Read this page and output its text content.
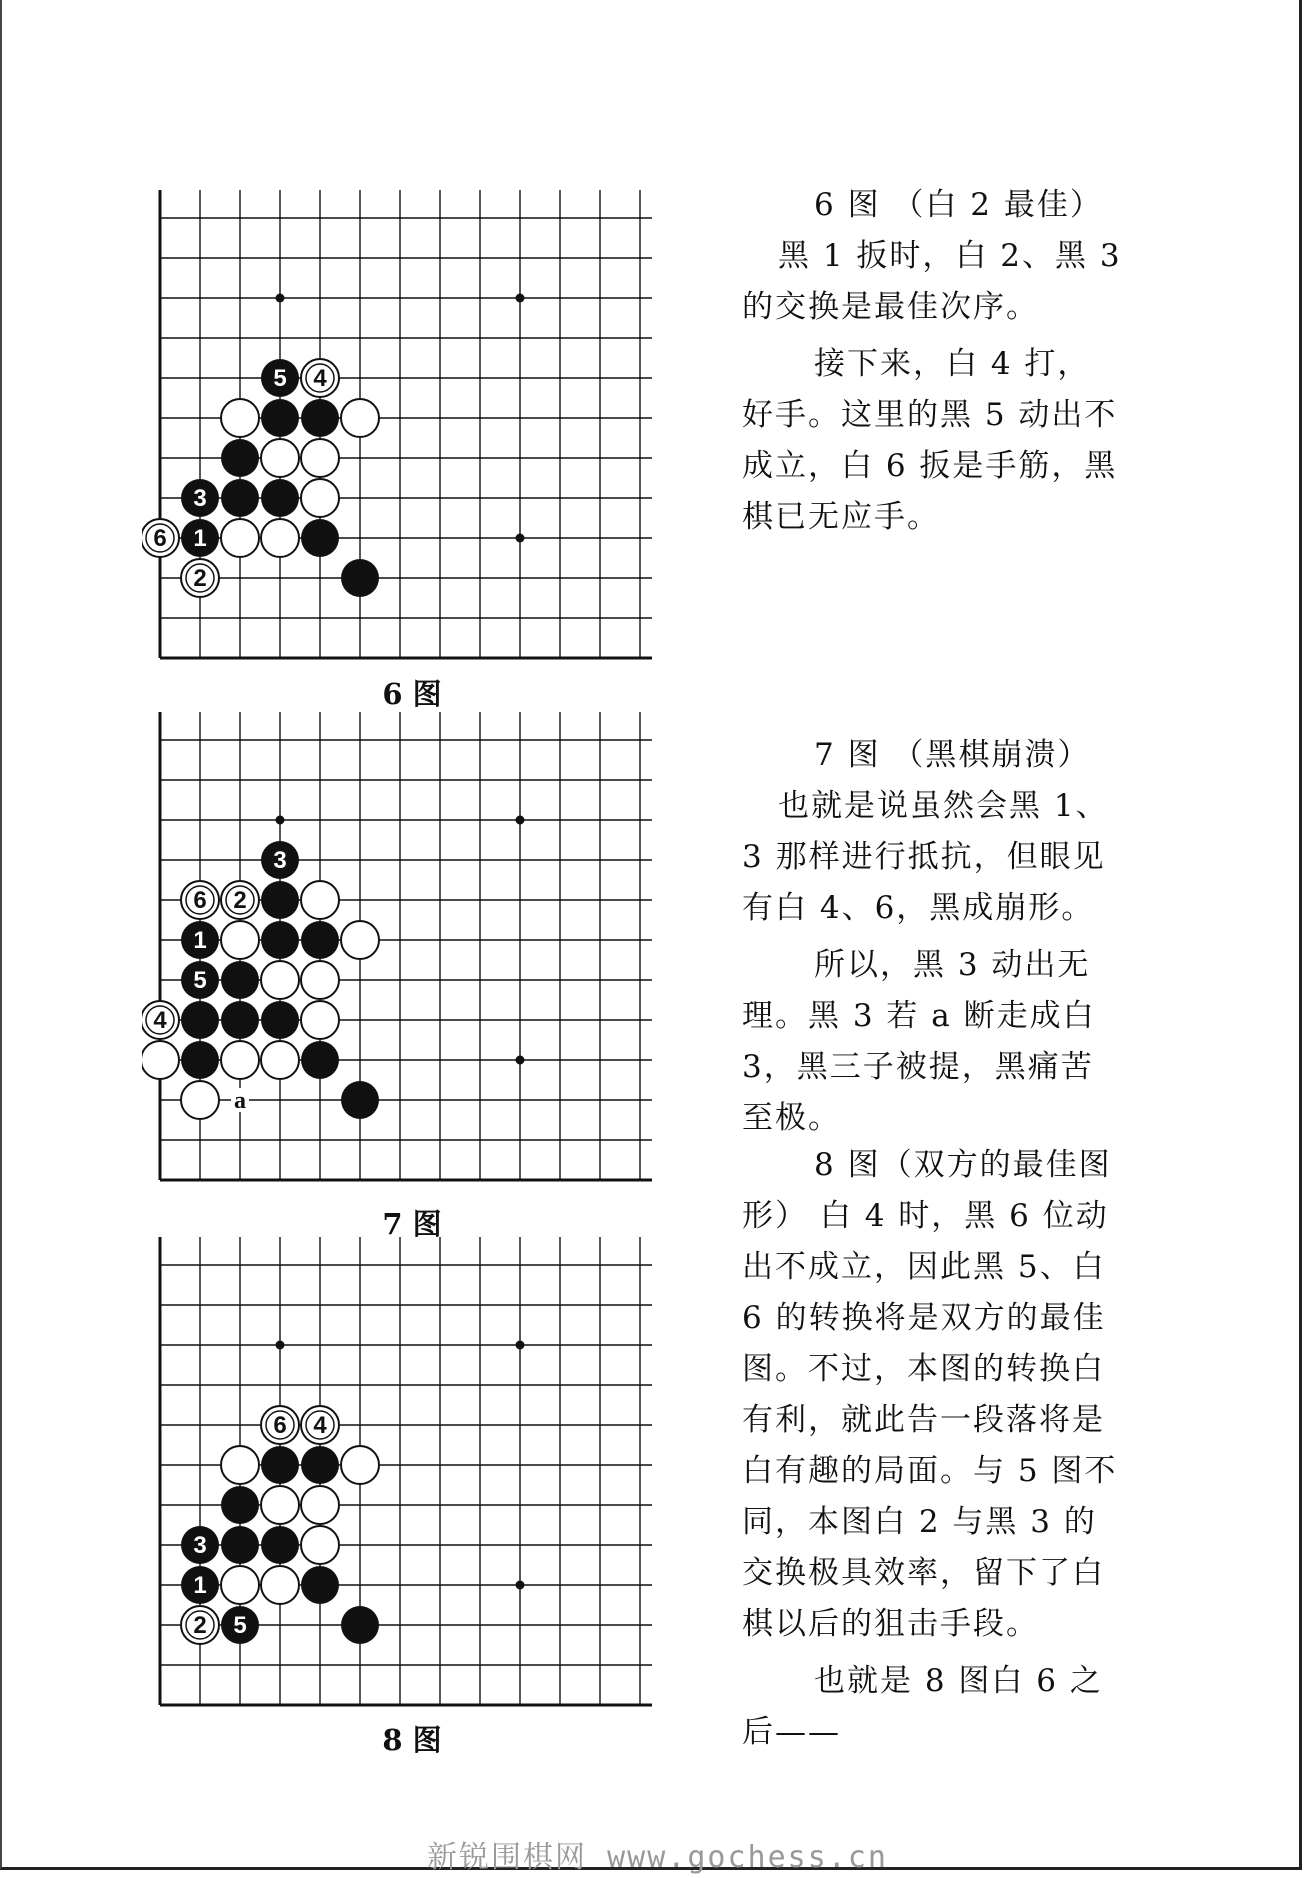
5 4
3
6 1
2
6 图
3
6 2
1
5
4
a
7 图
6 4
3
1
2 5
8 图

6 图 （白 2 最佳）

黑 1 扳时，白 2、黑 3 的交换是最佳次序。

接下来，白 4 打，好手。这里的黑 5 动出不成立，白 6 扳是手筋，黑棋已无应手。

7 图 （黑棋崩溃）

也就是说虽然会黑 1、3 那样进行抵抗，但眼见有白 4、6，黑成崩形。

所以，黑 3 动出无理。黑 3 若 a 断走成白 3，黑三子被提，黑痛苦至极。

8 图（双方的最佳图形） 白 4 时，黑 6 位动出不成立，因此黑 5、白 6 的转换将是双方的最佳图。不过，本图的转换白有利，就此告一段落将是白有趣的局面。与 5 图不同，本图白 2 与黑 3 的交换极具效率，留下了白棋以后的狙击手段。

也就是 8 图白 6 之后——

新锐围棋网 www.gochess.cn
